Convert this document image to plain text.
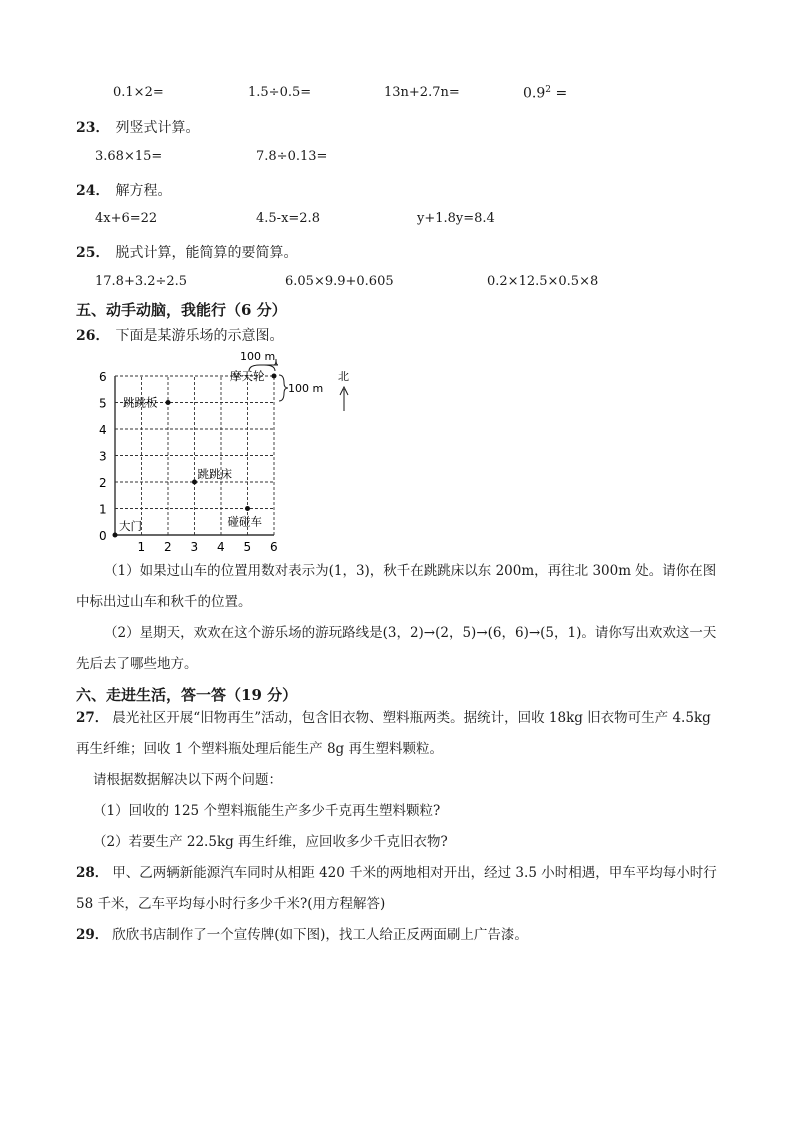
0.1×2=	1.5÷0.5=	13n+2.7n=	$0.9^2$ =
23． 列竖式计算。
3.68×15=	7.8÷0.13=
24． 解方程。
4x+6=22	4.5-x=2.8	y+1.8y=8.4
25． 脱式计算，能简算的要简算。
17.8+3.2÷2.5	6.05×9.9+0.605	0.2×12.5×0.5×8
五、动手动脑，我能行（6 分）
26． 下面是某游乐场的示意图。
1 2 3 4 5 6
0
1
2
3
4
5
6
跳跳板
摩天轮
跳跳床
碰碰车
大门
100 m
100 m
北
（1）如果过山车的位置用数对表示为(1，3)，秋千在跳跳床以东 200m，再往北 300m 处。请你在图
中标出过山车和秋千的位置。
（2）星期天，欢欢在这个游乐场的游玩路线是(3，2)→(2，5)→(6，6)→(5，1)。请你写出欢欢这一天
先后去了哪些地方。
六、走进生活，答一答（19 分）
27． 晨光社区开展“旧物再生”活动，包含旧衣物、塑料瓶两类。据统计，回收 18kg 旧衣物可生产 4.5kg
再生纤维；回收 1 个塑料瓶处理后能生产 8g 再生塑料颗粒。
请根据数据解决以下两个问题：
（1）回收的 125 个塑料瓶能生产多少千克再生塑料颗粒?
（2）若要生产 22.5kg 再生纤维，应回收多少千克旧衣物?
28． 甲、乙两辆新能源汽车同时从相距 420 千米的两地相对开出，经过 3.5 小时相遇，甲车平均每小时行
58 千米，乙车平均每小时行多少千米?(用方程解答)
29． 欣欣书店制作了一个宣传牌(如下图)，找工人给正反两面刷上广告漆。
